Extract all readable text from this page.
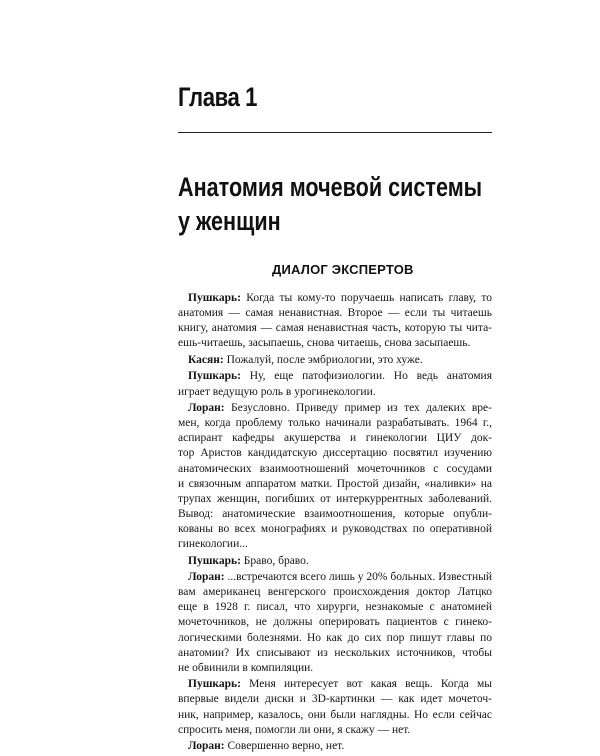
Глава 1
Анатомия мочевой системы
у женщин
ДИАЛОГ ЭКСПЕРТОВ
Пушкарь: Когда ты кому-то поручаешь написать главу, то
анатомия — самая ненавистная. Второе — если ты читаешь
книгу, анатомия — самая ненавистная часть, которую ты чита-
ешь-читаешь, засыпаешь, снова читаешь, снова засыпаешь.
Касян: Пожалуй, после эмбриологии, это хуже.
Пушкарь: Ну, еще патофизиологии. Но ведь анатомия
играет ведущую роль в урогинекологии.
Лоран: Безусловно. Приведу пример из тех далеких вре-
мен, когда проблему только начинали разрабатывать. 1964 г.,
аспирант кафедры акушерства и гинекологии ЦИУ док-
тор Аристов кандидатскую диссертацию посвятил изучению
анатомических взаимоотношений мочеточников с сосудами
и связочным аппаратом матки. Простой дизайн, «наливки» на
трупах женщин, погибших от интеркуррентных заболеваний.
Вывод: анатомические взаимоотношения, которые опубли-
кованы во всех монографиях и руководствах по оперативной
гинекологии...
Пушкарь: Браво, браво.
Лоран: ...встречаются всего лишь у 20% больных. Известный
вам американец венгерского происхождения доктор Латцко
еще в 1928 г. писал, что хирурги, незнакомые с анатомией
мочеточников, не должны оперировать пациентов с гинеко-
логическими болезнями. Но как до сих пор пишут главы по
анатомии? Их списывают из нескольких источников, чтобы
не обвинили в компиляции.
Пушкарь: Меня интересует вот какая вещь. Когда мы
впервые видели диски и 3D-картинки — как идет мочеточ-
ник, например, казалось, они были наглядны. Но если сейчас
спросить меня, помогли ли они, я скажу — нет.
Лоран: Совершенно верно, нет.
